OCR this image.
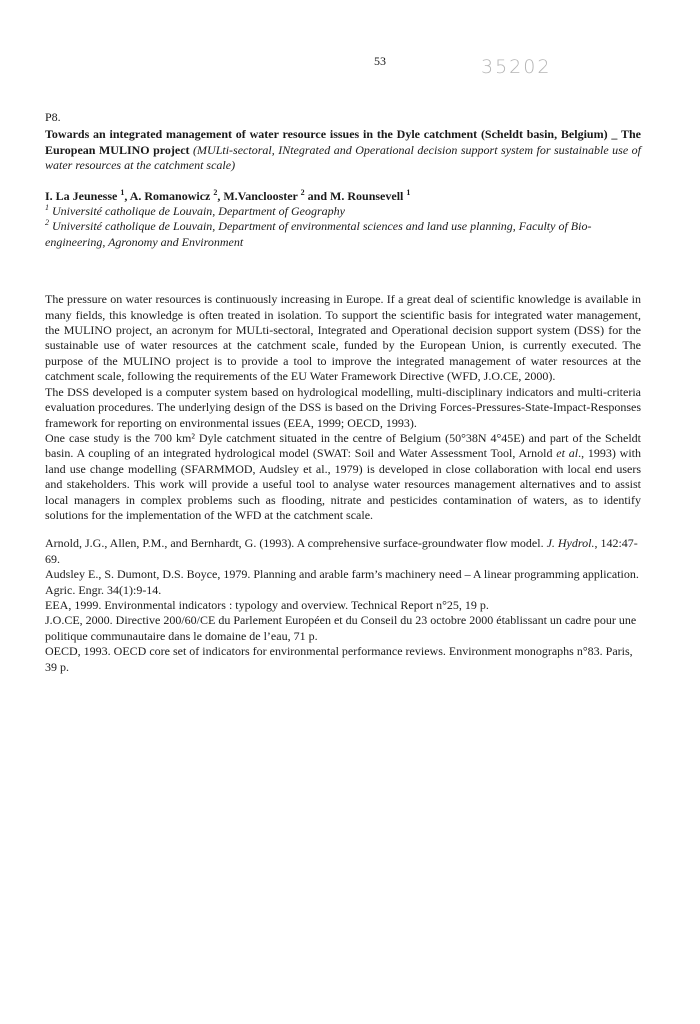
53	35202

P8.

Towards an integrated management of water resource issues in the Dyle catchment (Scheldt basin, Belgium) _ The European MULINO project (MULti-sectoral, INtegrated and Operational decision support system for sustainable use of water resources at the catchment scale)

I. La Jeunesse $^1$, A. Romanowicz $^2$, M.Vanclooster $^2$ and M. Rounsevell $^1$

$^1$ Université catholique de Louvain, Department of Geography

$^2$ Université catholique de Louvain, Department of environmental sciences and land use planning, Faculty of Bio-engineering, Agronomy and Environment

The pressure on water resources is continuously increasing in Europe. If a great deal of scientific knowledge is available in many fields, this knowledge is often treated in isolation. To support the scientific basis for integrated water management, the MULINO project, an acronym for MULti-sectoral, Integrated and Operational decision support system (DSS) for the sustainable use of water resources at the catchment scale, funded by the European Union, is currently executed. The purpose of the MULINO project is to provide a tool to improve the integrated management of water resources at the catchment scale, following the requirements of the EU Water Framework Directive (WFD, J.O.CE, 2000).

The DSS developed is a computer system based on hydrological modelling, multi-disciplinary indicators and multi-criteria evaluation procedures. The underlying design of the DSS is based on the Driving Forces-Pressures-State-Impact-Responses framework for reporting on environmental issues (EEA, 1999; OECD, 1993).

One case study is the 700 km² Dyle catchment situated in the centre of Belgium (50°38N 4°45E) and part of the Scheldt basin. A coupling of an integrated hydrological model (SWAT: Soil and Water Assessment Tool, Arnold et al., 1993) with land use change modelling (SFARMMOD, Audsley et al., 1979) is developed in close collaboration with local end users and stakeholders. This work will provide a useful tool to analyse water resources management alternatives and to assist local managers in complex problems such as flooding, nitrate and pesticides contamination of waters, as to identify solutions for the implementation of the WFD at the catchment scale.

Arnold, J.G., Allen, P.M., and Bernhardt, G. (1993). A comprehensive surface-groundwater flow model. J. Hydrol., 142:47-69.

Audsley E., S. Dumont, D.S. Boyce, 1979. Planning and arable farm’s machinery need – A linear programming application. Agric. Engr. 34(1):9-14.

EEA, 1999. Environmental indicators : typology and overview. Technical Report n°25, 19 p.

J.O.CE, 2000. Directive 200/60/CE du Parlement Européen et du Conseil du 23 octobre 2000 établissant un cadre pour une politique communautaire dans le domaine de l’eau, 71 p.

OECD, 1993. OECD core set of indicators for environmental performance reviews. Environment monographs n°83. Paris, 39 p.
